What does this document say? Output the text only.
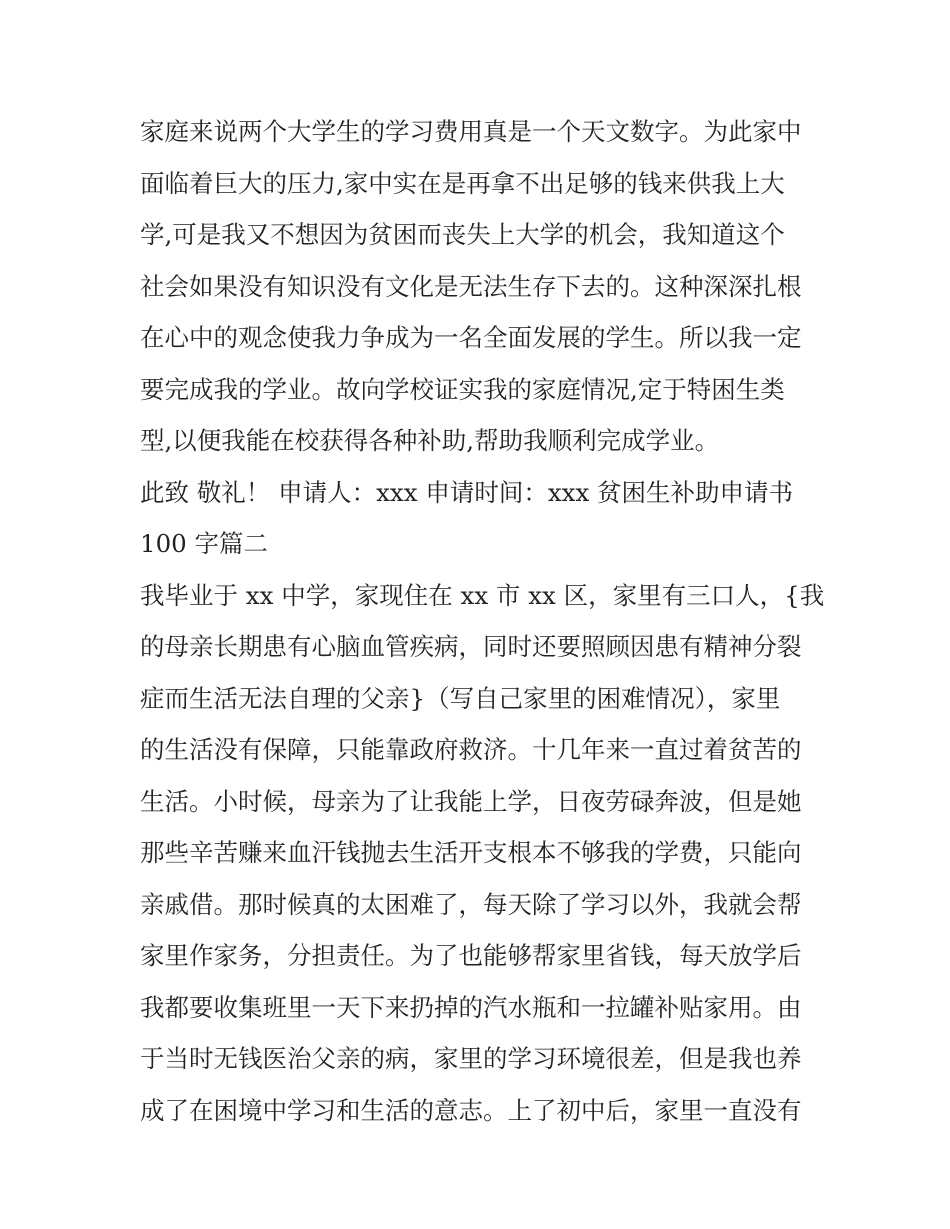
家庭来说两个大学生的学习费用真是一个天文数字。为此家中
面临着巨大的压力,家中实在是再拿不出足够的钱来供我上大
学,可是我又不想因为贫困而丧失上大学的机会，我知道这个
社会如果没有知识没有文化是无法生存下去的。这种深深扎根
在心中的观念使我力争成为一名全面发展的学生。所以我一定
要完成我的学业。故向学校证实我的家庭情况,定于特困生类
型,以便我能在校获得各种补助,帮助我顺利完成学业。
此致 敬礼！ 申请人：xxx 申请时间：xxx 贫困生补助申请书
100 字篇二
我毕业于 xx 中学，家现住在 xx 市 xx 区，家里有三口人，{我
的母亲长期患有心脑血管疾病，同时还要照顾因患有精神分裂
症而生活无法自理的父亲}（写自己家里的困难情况），家里
的生活没有保障，只能靠政府救济。十几年来一直过着贫苦的
生活。小时候，母亲为了让我能上学，日夜劳碌奔波，但是她
那些辛苦赚来血汗钱抛去生活开支根本不够我的学费，只能向
亲戚借。那时候真的太困难了，每天除了学习以外，我就会帮
家里作家务，分担责任。为了也能够帮家里省钱，每天放学后
我都要收集班里一天下来扔掉的汽水瓶和一拉罐补贴家用。由
于当时无钱医治父亲的病，家里的学习环境很差，但是我也养
成了在困境中学习和生活的意志。上了初中后，家里一直没有
